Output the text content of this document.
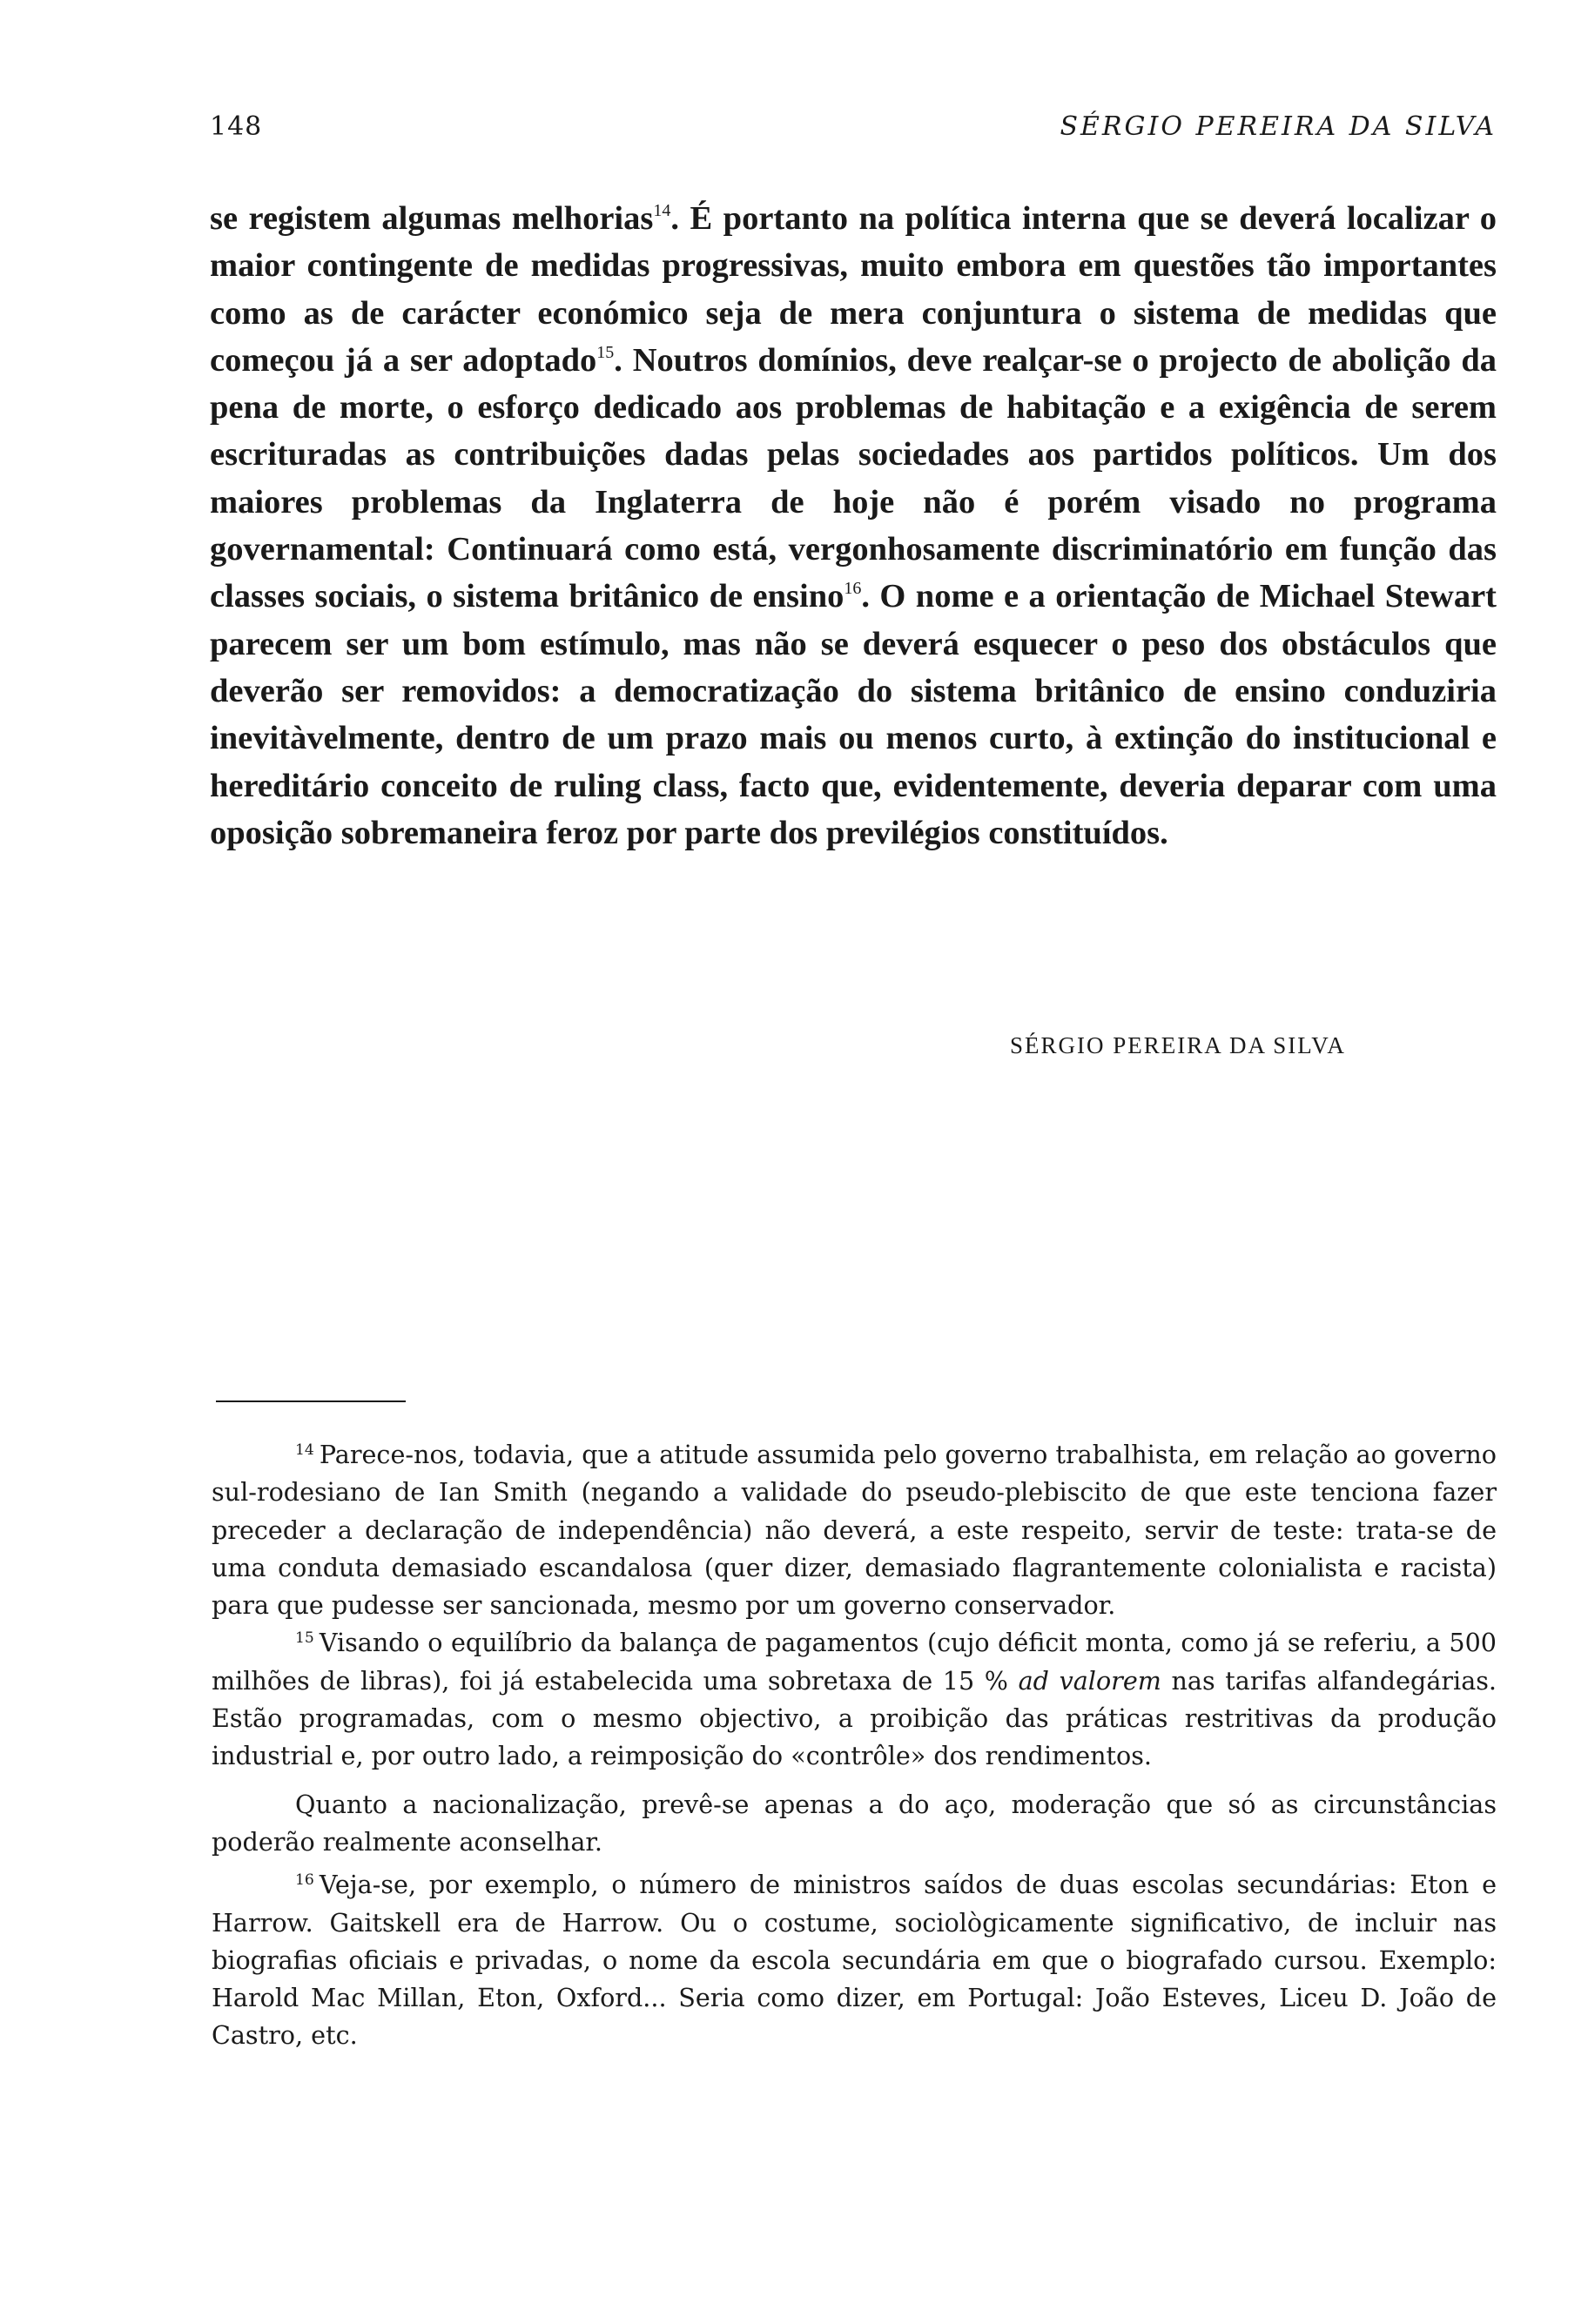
148	SÉRGIO PEREIRA DA SILVA

se registem algumas melhorias$^{14}$. É portanto na política interna que se deverá localizar o maior contingente de medidas progressivas, muito embora em questões tão importantes como as de carácter económico seja de mera conjuntura o sistema de medidas que começou já a ser adoptado$^{15}$. Noutros domínios, deve realçar-se o projecto de abolição da pena de morte, o esforço dedicado aos problemas de habitação e a exigência de serem escrituradas as contribuições dadas pelas sociedades aos partidos políticos. Um dos maiores problemas da Inglaterra de hoje não é porém visado no programa governamental: Continuará como está, vergonhosamente discriminatório em função das classes sociais, o sistema britânico de ensino$^{16}$. O nome e a orientação de Michael Stewart parecem ser um bom estímulo, mas não se deverá esquecer o peso dos obstáculos que deverão ser removidos: a democratização do sistema britânico de ensino conduziria inevitàvelmente, dentro de um prazo mais ou menos curto, à extinção do institucional e hereditário conceito de ruling class, facto que, evidentemente, deveria deparar com uma oposição sobremaneira feroz por parte dos previlégios constituídos.

SÉRGIO PEREIRA DA SILVA

$^{14}$ Parece-nos, todavia, que a atitude assumida pelo governo trabalhista, em relação ao governo sul-rodesiano de Ian Smith (negando a validade do pseudo-plebiscito de que este tenciona fazer preceder a declaração de independência) não deverá, a este respeito, servir de teste: trata-se de uma conduta demasiado escandalosa (quer dizer, demasiado flagrantemente colonialista e racista) para que pudesse ser sancionada, mesmo por um governo conservador.

$^{15}$ Visando o equilíbrio da balança de pagamentos (cujo déficit monta, como já se referiu, a 500 milhões de libras), foi já estabelecida uma sobretaxa de 15 % ad valorem nas tarifas alfandegárias. Estão programadas, com o mesmo objectivo, a proibição das práticas restritivas da produção industrial e, por outro lado, a reimposição do «contrôle» dos rendimentos.

Quanto a nacionalização, prevê-se apenas a do aço, moderação que só as circunstâncias poderão realmente aconselhar.

$^{16}$ Veja-se, por exemplo, o número de ministros saídos de duas escolas secundárias: Eton e Harrow. Gaitskell era de Harrow. Ou o costume, sociològicamente significativo, de incluir nas biografias oficiais e privadas, o nome da escola secundária em que o biografado cursou. Exemplo: Harold Mac Millan, Eton, Oxford... Seria como dizer, em Portugal: João Esteves, Liceu D. João de Castro, etc.
